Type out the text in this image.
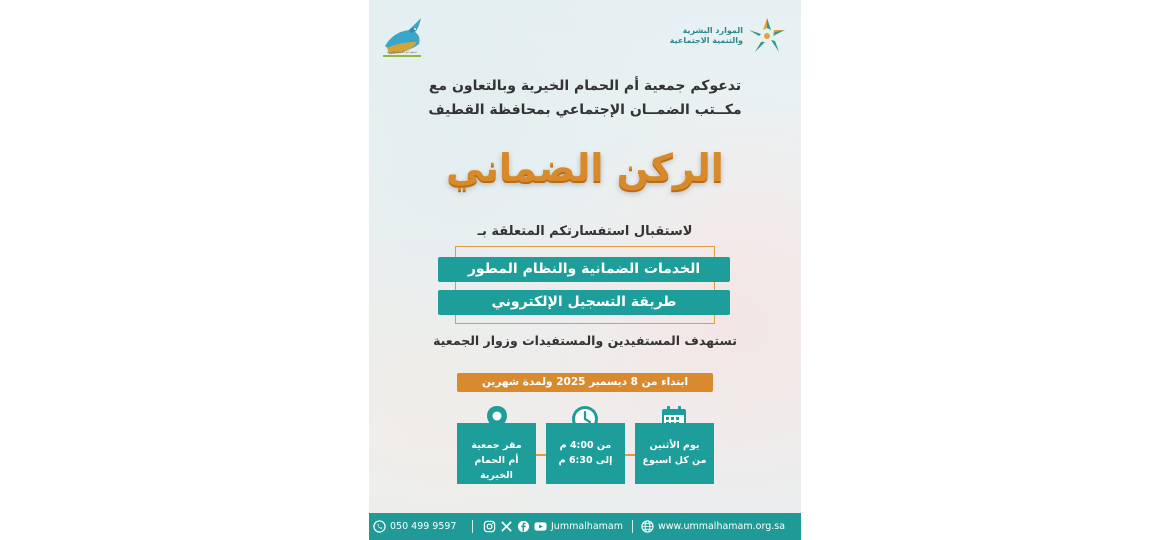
جمعية أم الحمام الخيرية
الموارد البشرية
والتنمية الاجتماعية
تدعوكم جمعية أم الحمام الخيرية وبالتعاون مع
مكــتب الضمــان الإجتماعي بمحافظة القطيف
الركن الضماني
لاستقبال استفسارتكم المتعلقة بـ
الخدمات الضمانية والنظام المطور
طريقة التسجيل الإلكتروني
تستهدف المستفيدين والمستفيدات وزوار الجمعية
ابتداء من 8 ديسمبر 2025 ولمدة شهرين
مقر جمعية
أم الحمام الخيرية
من 4:00 م
إلى 6:30 م
يوم الأثنين
من كل اسبوع
050 499 9597	Jummalhamam	www.ummalhamam.org.sa
